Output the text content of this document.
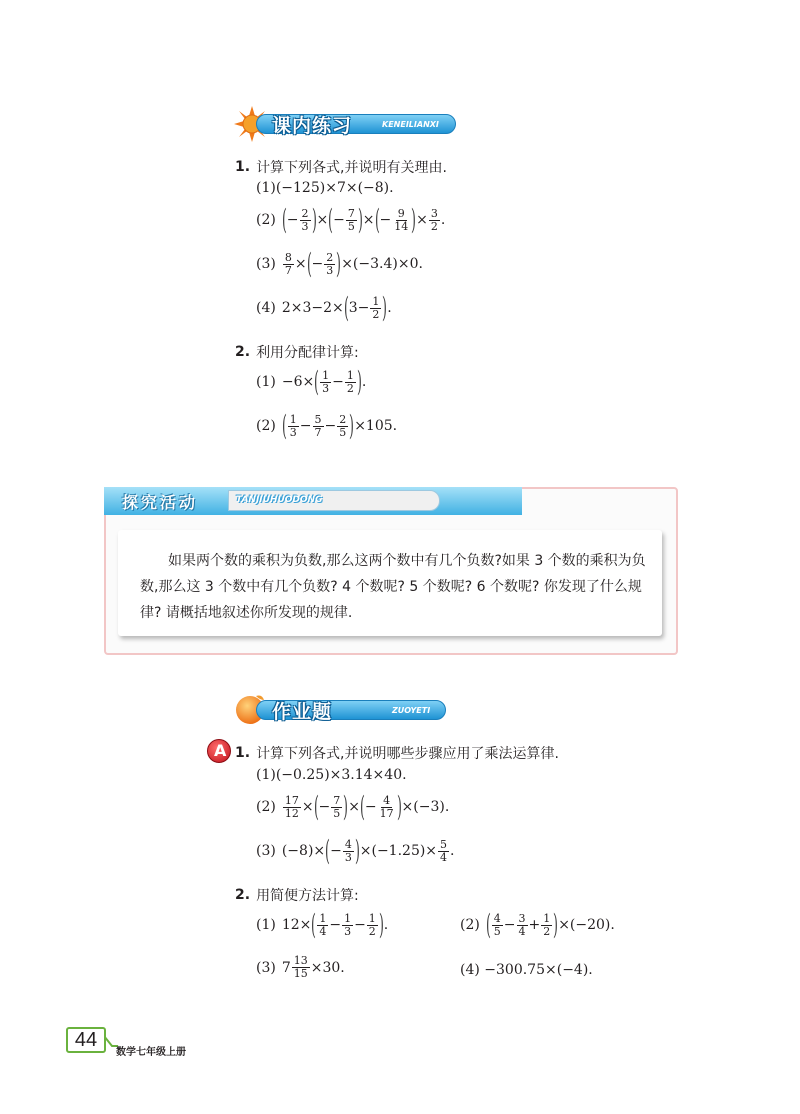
课内练习	KENEILIANXI
1. 计算下列各式,并说明有关理由.
(1)(−125)×7×(−8).
(2) ( − $\frac{2}{3}$ ) × ( − $\frac{7}{5}$ ) × ( − $\frac{9}{14}$ ) × $\frac{3}{2}$ .
$(3) \frac{8}{7}$ × ( − $\frac{2}{3}$ ) ×(−3.4)×0.
(4) 2×3−2× ( $3- \frac{1}{2}$ ) .
2. 利用分配律计算:
(1) −6× ( $\frac{1}{3} - \frac{1}{2}$ ) .
(2) ( $\frac{1}{3} - \frac{5}{7} - \frac{2}{5}$ ) ×105.
探究活动	TANJIUHUODONG

如果两个数的乘积为负数,那么这两个数中有几个负数?如果 3 个数的乘积为负数,那么这 3 个数中有几个负数? 4 个数呢? 5 个数呢? 6 个数呢? 你发现了什么规律? 请概括地叙述你所发现的规律.

作业题	ZUOYETI
A 1. 计算下列各式,并说明哪些步骤应用了乘法运算律.
(1)(−0.25)×3.14×40.
$(2) \frac{17}{12}$ × ( − $\frac{7}{5}$ ) × ( − $\frac{4}{17}$ ) ×(−3).
(3) (−8)× ( − $\frac{4}{3}$ ) $\times(-1.25)\times \frac{5}{4}$ .
2. 用简便方法计算:
(1) 12× ( $\frac{1}{4} - \frac{1}{3} - \frac{1}{2}$ ) .	(2) ( $\frac{4}{5} - \frac{3}{4} + \frac{1}{2}$ ) ×(−20).
(3) $7 \frac{13}{15} \times 30$.	(4) −300.75×(−4).
44
数学七年级上册
